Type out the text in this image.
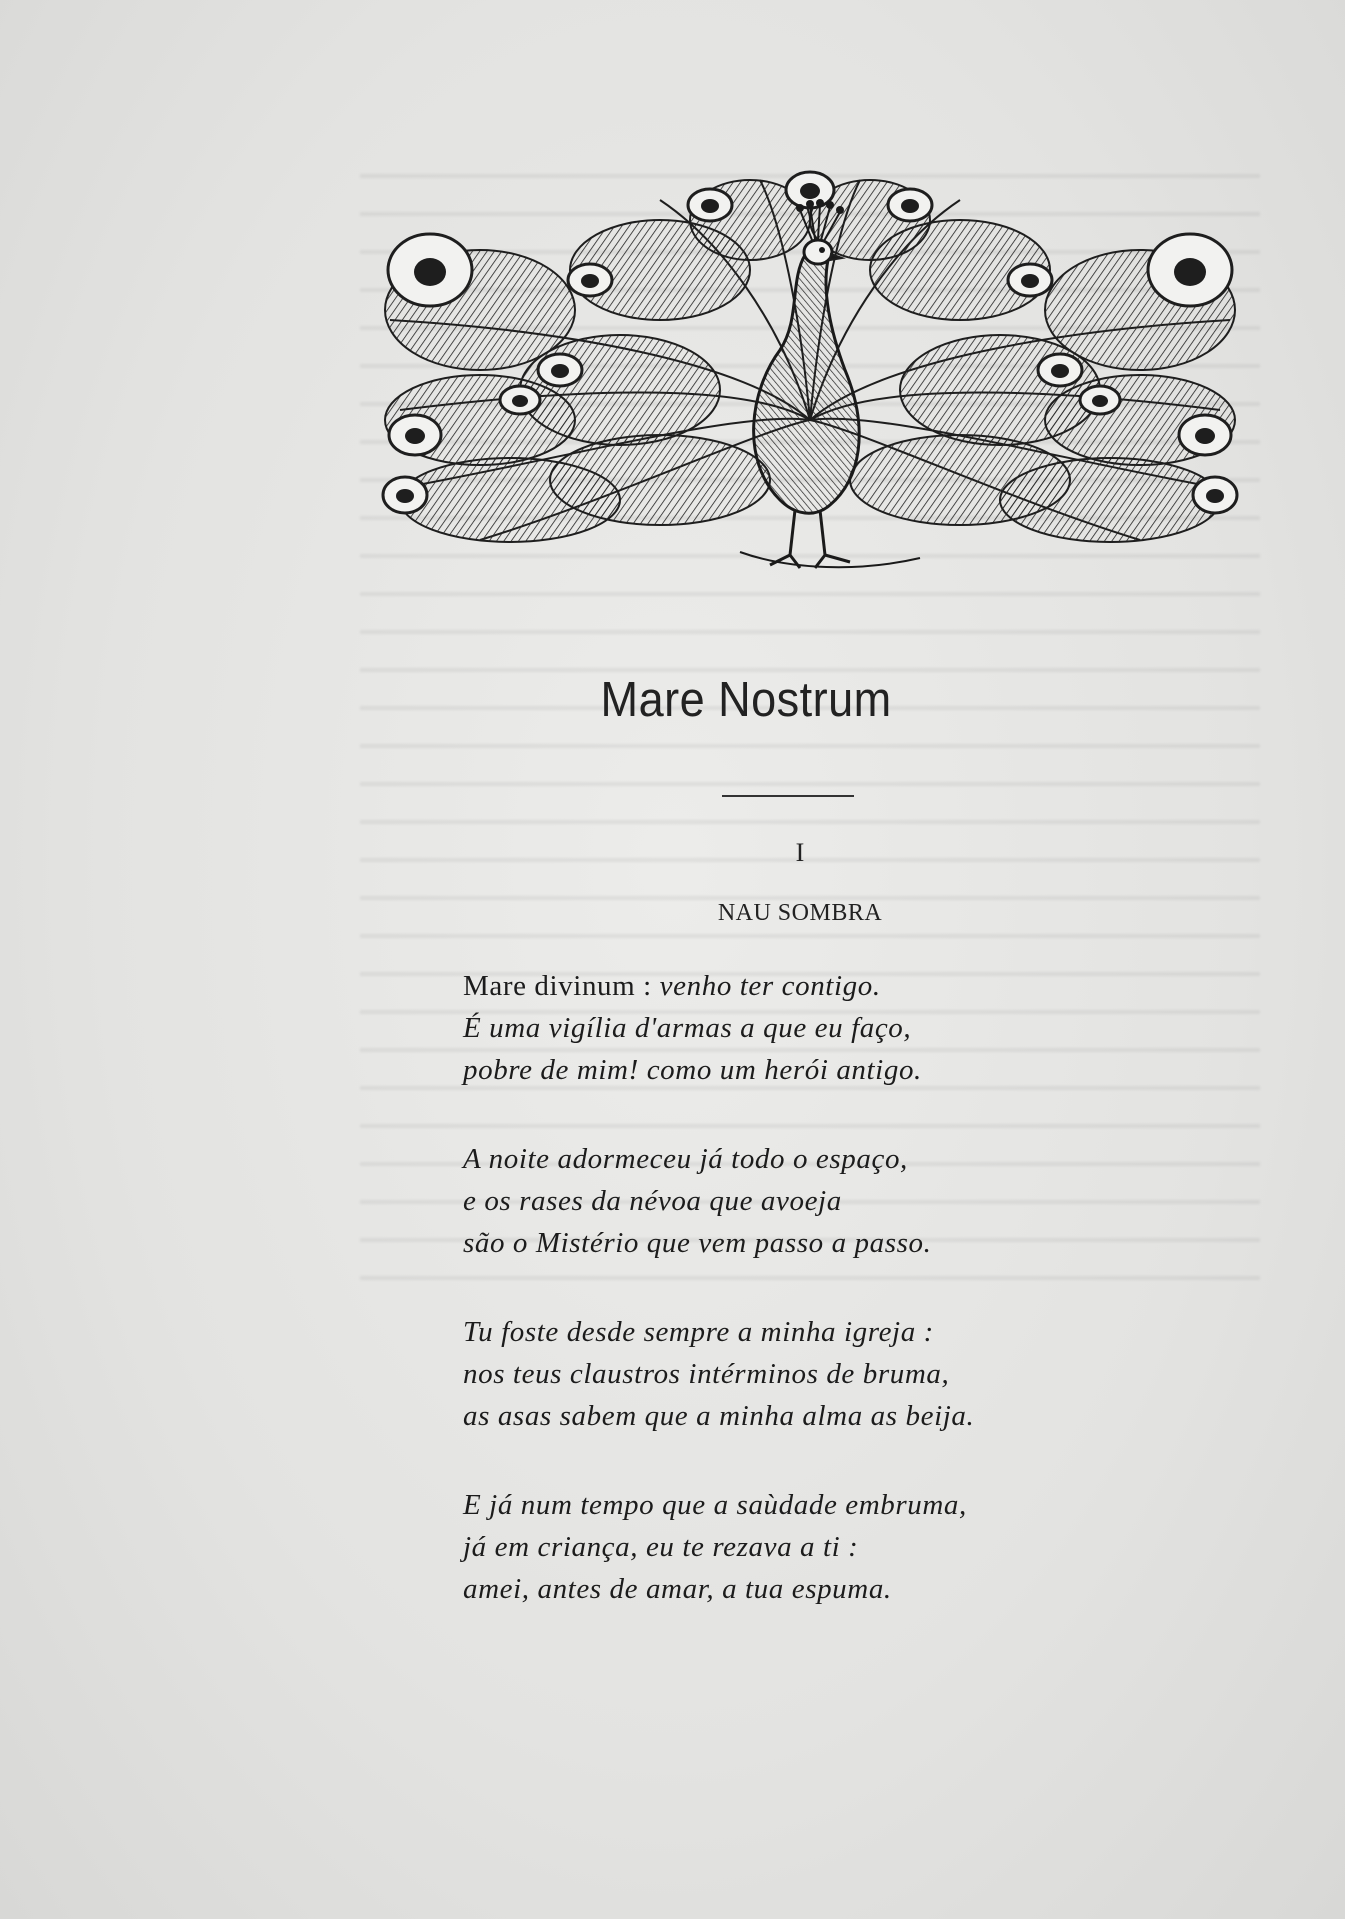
Mare Nostrum
I
NAU SOMBRA
Mare divinum : venho ter contigo.
É uma vigília d'armas a que eu faço,
pobre de mim! como um herói antigo.
A noite adormeceu já todo o espaço,
e os rases da névoa que avoeja
são o Mistério que vem passo a passo.
Tu foste desde sempre a minha igreja :
nos teus claustros intérminos de bruma,
as asas sabem que a minha alma as beija.
E já num tempo que a saùdade embruma,
já em criança, eu te rezava a ti :
amei, antes de amar, a tua espuma.
